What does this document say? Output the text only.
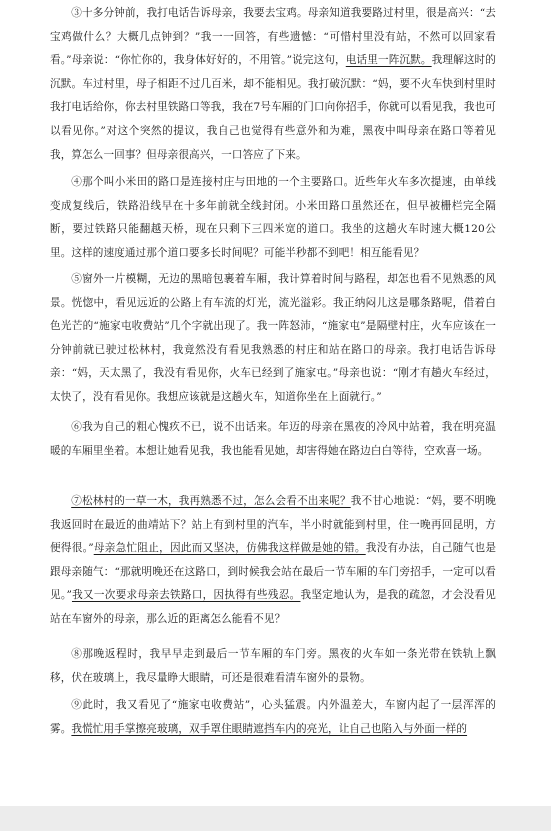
③十多分钟前，我打电话告诉母亲，我要去宝鸡。母亲知道我要路过村里，很是高兴：“去宝鸡做什么？大概几点钟到？”我一一回答，有些遗憾：“可惜村里没有站，不然可以回家看看。”母亲说：“你忙你的，我身体好好的，不用管。”说完这句，电话里一阵沉默。我理解这时的沉默。车过村里，母子相距不过几百米，却不能相见。我打破沉默：“妈，要不火车快到村里时我打电话给你，你去村里铁路口等我，我在7号车厢的门口向你招手，你就可以看见我，我也可以看见你。”对这个突然的提议，我自己也觉得有些意外和为难，黑夜中叫母亲在路口等着见我，算怎么一回事？但母亲很高兴，一口答应了下来。

④那个叫小米田的路口是连接村庄与田地的一个主要路口。近些年火车多次提速，由单线变成复线后，铁路沿线早在十多年前就全线封闭。小米田路口虽然还在，但早被栅栏完全隔断，要过铁路只能翻越天桥，现在只剩下三四米宽的道口。我坐的这趟火车时速大概120公里。这样的速度通过那个道口要多长时间呢？可能半秒都不到吧！相互能看见？

⑤窗外一片模糊，无边的黑暗包裹着车厢，我计算着时间与路程，却怎也看不见熟悉的风景。恍惚中，看见远近的公路上有车流的灯光，流光溢彩。我正纳闷儿这是哪条路呢，借着白色光芒的“施家屯收费站”几个字就出现了。我一阵怒沛，“施家屯”是隔壁村庄，火车应该在一分钟前就已驶过松林村，我竟然没有看见我熟悉的村庄和站在路口的母亲。我打电话告诉母亲：“妈，天太黑了，我没有看见你，火车已经到了施家屯。”母亲也说：“刚才有趟火车经过，太快了，没有看见你。我想应该就是这趟火车，知道你坐在上面就行。”

⑥我为自己的粗心愧疚不已，说不出话来。年迈的母亲在黑夜的冷风中站着，我在明亮温暖的车厢里坐着。本想让她看见我，我也能看见她，却害得她在路边白白等待，空欢喜一场。

⑦松林村的一草一木，我再熟悉不过，怎么会看不出来呢？我不甘心地说：“妈，要不明晚我返回时在最近的曲靖站下？站上有到村里的汽车，半小时就能到村里，住一晚再回昆明，方便得很。”母亲急忙阻止，因此而又坚决，仿佛我这样做是她的错。我没有办法，自己随气也是跟母亲随气：“那就明晚还在这路口，到时候我会站在最后一节车厢的车门旁招手，一定可以看见。”我又一次要求母亲去铁路口，因执得有些残忍。我坚定地认为，是我的疏忽，才会没看见站在车窗外的母亲，那么近的距离怎么能看不见？

⑧那晚返程时，我早早走到最后一节车厢的车门旁。黑夜的火车如一条光带在铁轨上飘移，伏在玻璃上，我尽量睁大眼睛，可还是很难看清车窗外的景物。

⑨此时，我又看见了“施家屯收费站”，心头猛震。内外温差大，车窗内起了一层浑浑的雾。我慌忙用手掌擦亮玻璃，双手罩住眼睛遮挡车内的亮光，让自己也陷入与外面一样的
